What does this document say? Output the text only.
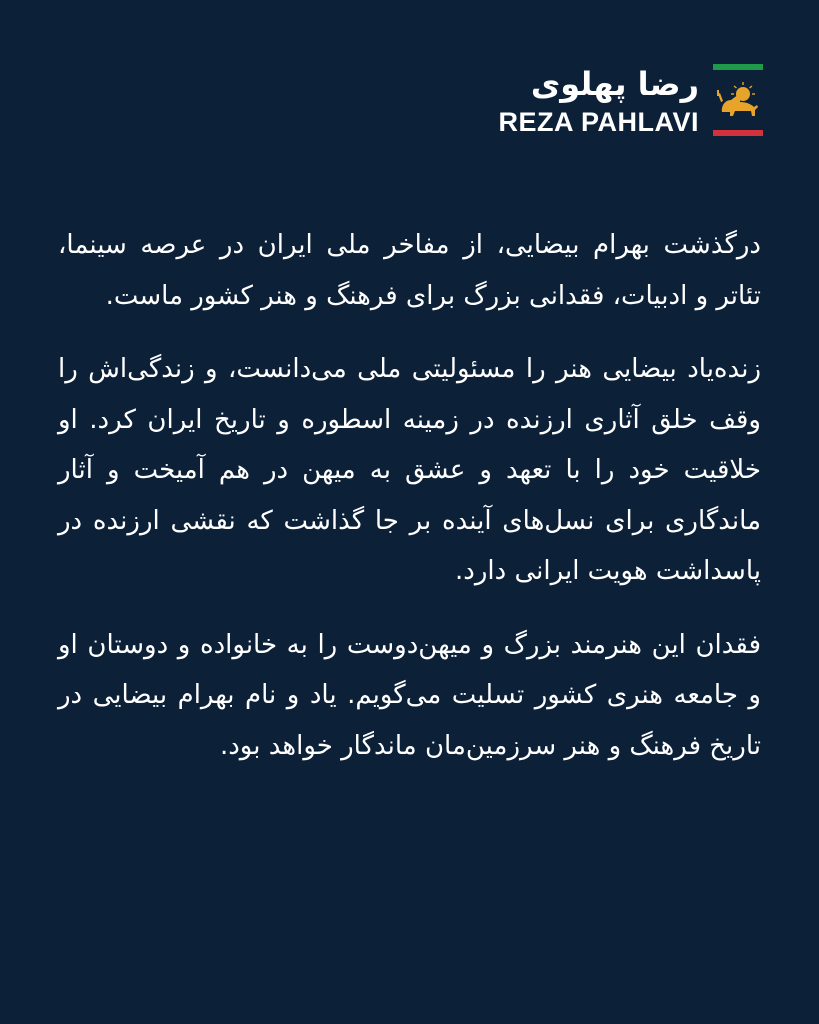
رضا پهلوی
REZA PAHLAVI

درگذشت بهرام بیضایی، از مفاخر ملی ایران در عرصه سینما، تئاتر و ادبیات، فقدانی بزرگ برای فرهنگ و هنر کشور ماست.

زنده‌یاد بیضایی هنر را مسئولیتی ملی می‌دانست، و زندگی‌اش را وقف خلق آثاری ارزنده در زمینه اسطوره و تاریخ ایران کرد. او خلاقیت خود را با تعهد و عشق به میهن در هم آمیخت و آثار ماندگاری برای نسل‌های آینده بر جا گذاشت که نقشی ارزنده در پاسداشت هویت ایرانی دارد.

فقدان این هنرمند بزرگ و میهن‌دوست را به خانواده و دوستان او و جامعه هنری کشور تسلیت می‌گویم. یاد و نام بهرام بیضایی در تاریخ فرهنگ و هنر سرزمین‌مان ماندگار خواهد بود.
